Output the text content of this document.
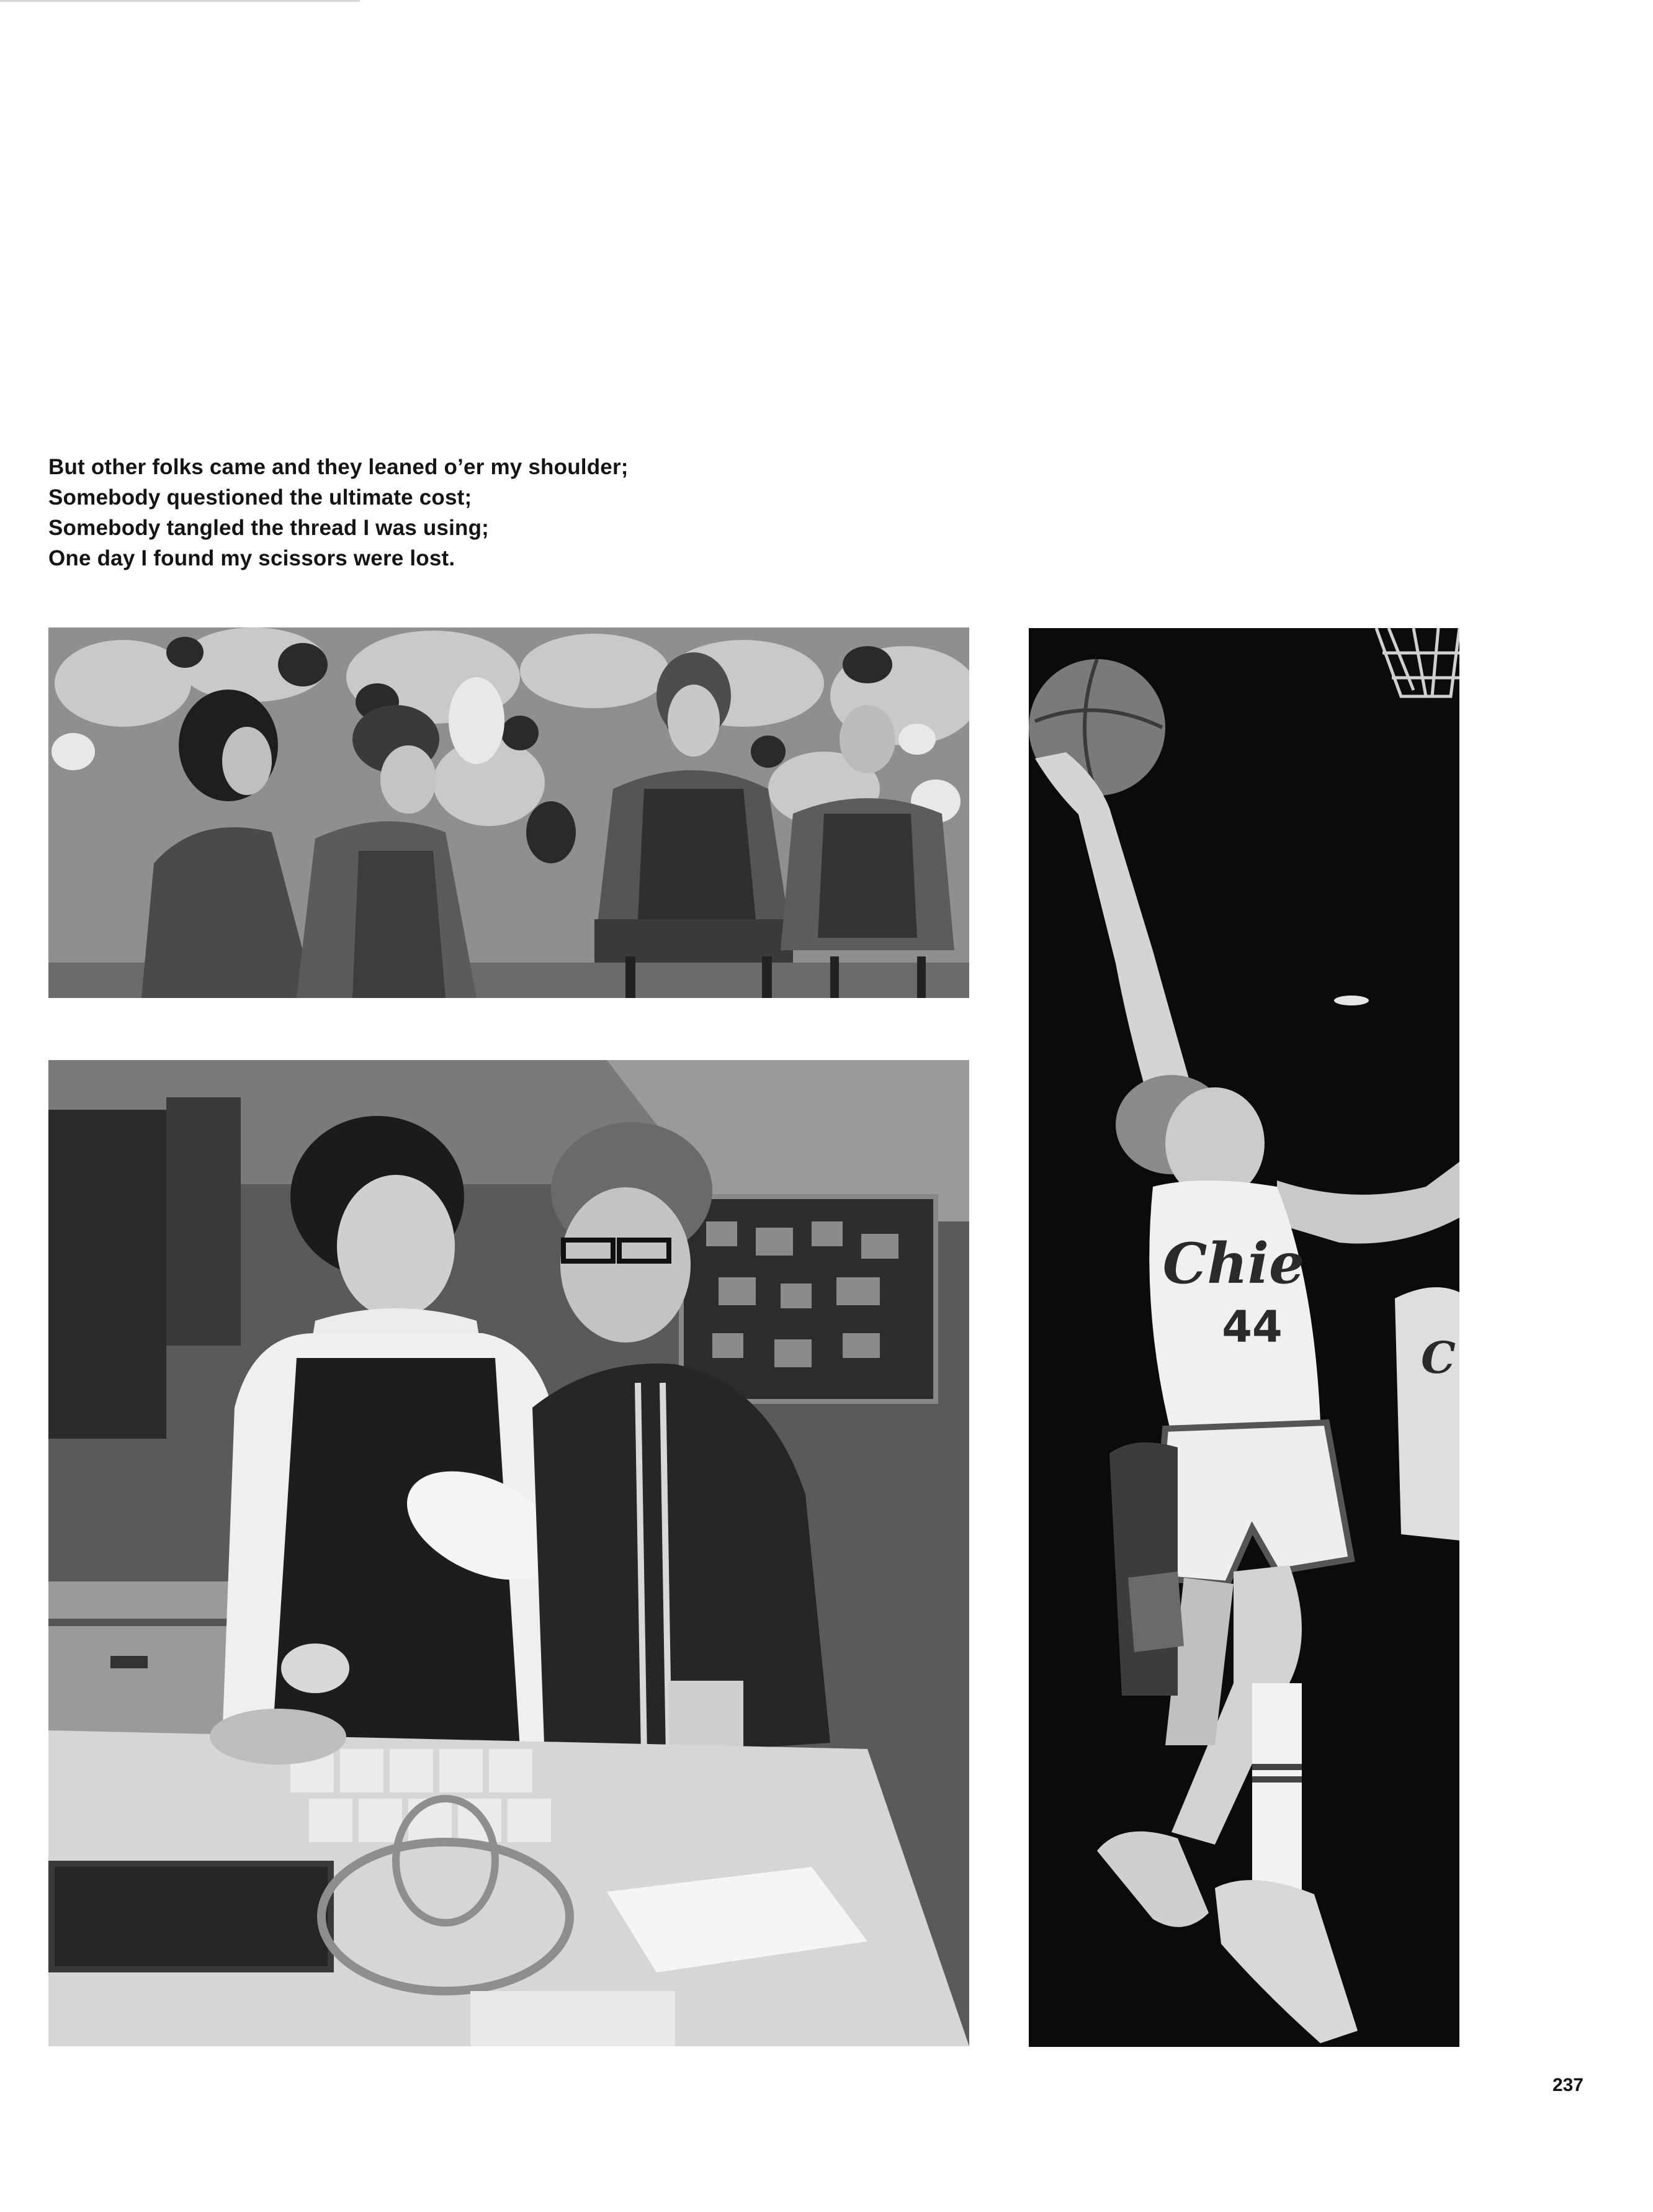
But other folks came and they leaned o’er my shoulder;
Somebody questioned the ultimate cost;
Somebody tangled the thread I was using;
One day I found my scissors were lost.
Chie
44
C
237
